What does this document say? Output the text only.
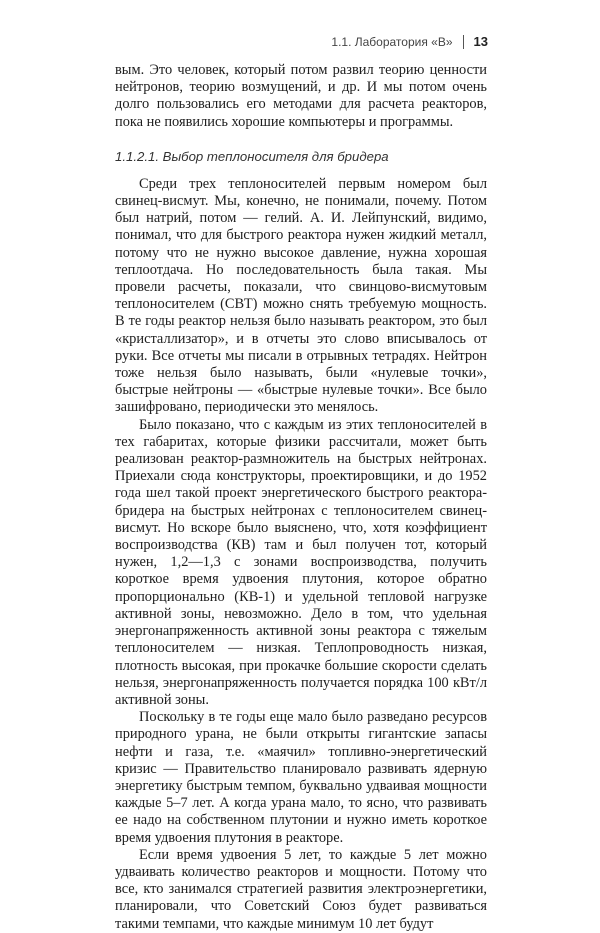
1.1. Лаборатория «В» 13

вым. Это человек, который потом развил теорию ценности нейтронов, теорию возмущений, и др. И мы потом очень долго пользовались его методами для расчета реакторов, пока не появились хорошие компьютеры и программы.

1.1.2.1. Выбор теплоносителя для бридера

Среди трех теплоносителей первым номером был свинец-висмут. Мы, конечно, не понимали, почему. Потом был натрий, потом — гелий. А. И. Лейпунский, видимо, понимал, что для быстрого реактора нужен жидкий металл, потому что не нужно высокое давление, нужна хорошая теплоотдача. Но последовательность была такая. Мы провели расчеты, показали, что свинцово-висмутовым теплоносителем (СВТ) можно снять требуемую мощность. В те годы реактор нельзя было называть реактором, это был «кристаллизатор», и в отчеты это слово вписывалось от руки. Все отчеты мы писали в отрывных тетрадях. Нейтрон тоже нельзя было называть, были «нулевые точки», быстрые нейтроны — «быстрые нулевые точки». Все было зашифровано, периодически это менялось.

Было показано, что с каждым из этих теплоносителей в тех габаритах, которые физики рассчитали, может быть реализован реактор-размножитель на быстрых нейтронах. Приехали сюда конструкторы, проектировщики, и до 1952 года шел такой проект энергетического быстрого реактора-бридера на быстрых нейтронах с теплоносителем свинец-висмут. Но вскоре было выяснено, что, хотя коэффициент воспроизводства (КВ) там и был получен тот, который нужен, 1,2—1,3 с зонами воспроизводства, получить короткое время удвоения плутония, которое обратно пропорционально (КВ-1) и удельной тепловой нагрузке активной зоны, невозможно. Дело в том, что удельная энергонапряженность активной зоны реактора с тяжелым теплоносителем — низкая. Теплопроводность низкая, плотность высокая, при прокачке большие скорости сделать нельзя, энергонапряженность получается порядка 100 кВт/л активной зоны.

Поскольку в те годы еще мало было разведано ресурсов природного урана, не были открыты гигантские запасы нефти и газа, т.е. «маячил» топливно-энергетический кризис — Правительство планировало развивать ядерную энергетику быстрым темпом, буквально удваивая мощности каждые 5–7 лет. А когда урана мало, то ясно, что развивать ее надо на собственном плутонии и нужно иметь короткое время удвоения плутония в реакторе.

Если время удвоения 5 лет, то каждые 5 лет можно удваивать количество реакторов и мощности. Потому что все, кто занимался стратегией развития электроэнергетики, планировали, что Советский Союз будет развиваться такими темпами, что каждые минимум 10 лет будут
